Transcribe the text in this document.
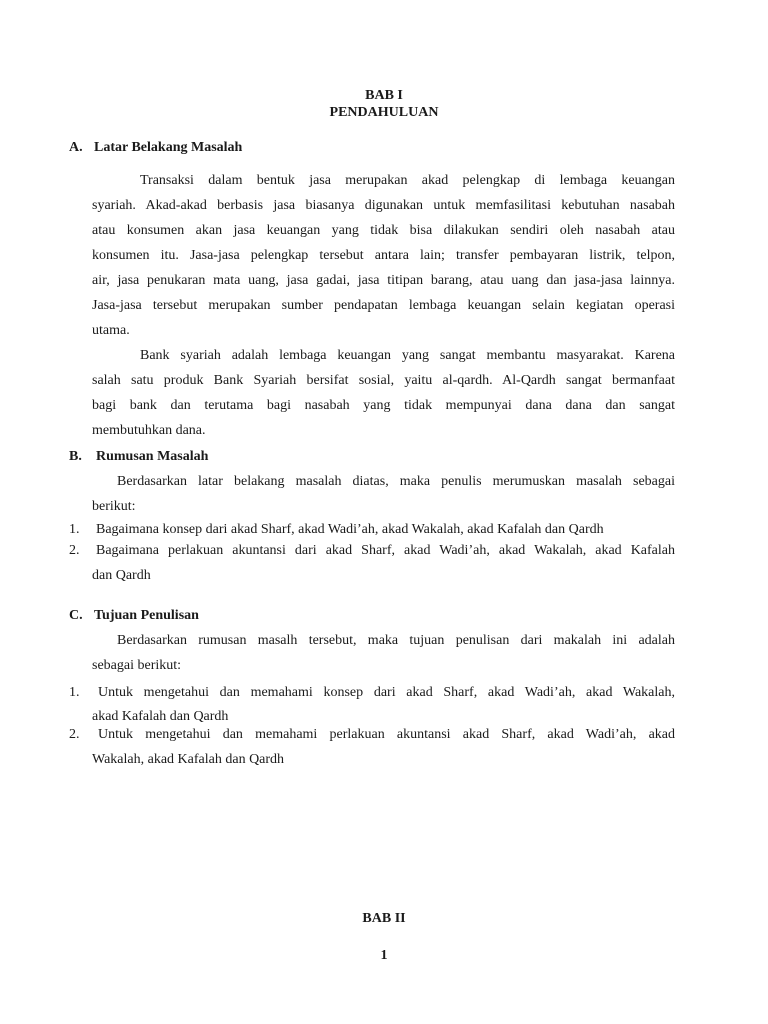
BAB I
PENDAHULUAN
A. Latar Belakang Masalah
Transaksi dalam bentuk jasa merupakan akad pelengkap di lembaga keuangan
syariah. Akad-akad berbasis jasa biasanya digunakan untuk memfasilitasi kebutuhan nasabah
atau konsumen akan jasa keuangan yang tidak bisa dilakukan sendiri oleh nasabah atau
konsumen itu. Jasa-jasa pelengkap tersebut antara lain; transfer pembayaran listrik, telpon,
air, jasa penukaran mata uang, jasa gadai, jasa titipan barang, atau uang dan jasa-jasa lainnya.
Jasa-jasa tersebut merupakan sumber pendapatan lembaga keuangan selain kegiatan operasi
utama.
Bank syariah adalah lembaga keuangan yang sangat membantu masyarakat. Karena
salah satu produk Bank Syariah bersifat sosial, yaitu al-qardh. Al-Qardh sangat bermanfaat
bagi bank dan terutama bagi nasabah yang tidak mempunyai dana dana dan sangat
membutuhkan dana.
B. Rumusan Masalah
Berdasarkan latar belakang masalah diatas, maka penulis merumuskan masalah sebagai
berikut:
1. Bagaimana konsep dari akad Sharf, akad Wadi’ah, akad Wakalah, akad Kafalah dan Qardh
2. Bagaimana perlakuan akuntansi dari akad Sharf, akad Wadi’ah, akad Wakalah, akad Kafalah
dan Qardh
C. Tujuan Penulisan
Berdasarkan rumusan masalh tersebut, maka tujuan penulisan dari makalah ini adalah
sebagai berikut:
1. Untuk mengetahui dan memahami konsep dari akad Sharf, akad Wadi’ah, akad Wakalah,
akad Kafalah dan Qardh
2. Untuk mengetahui dan memahami perlakuan akuntansi akad Sharf, akad Wadi’ah, akad
Wakalah, akad Kafalah dan Qardh
BAB II
1
